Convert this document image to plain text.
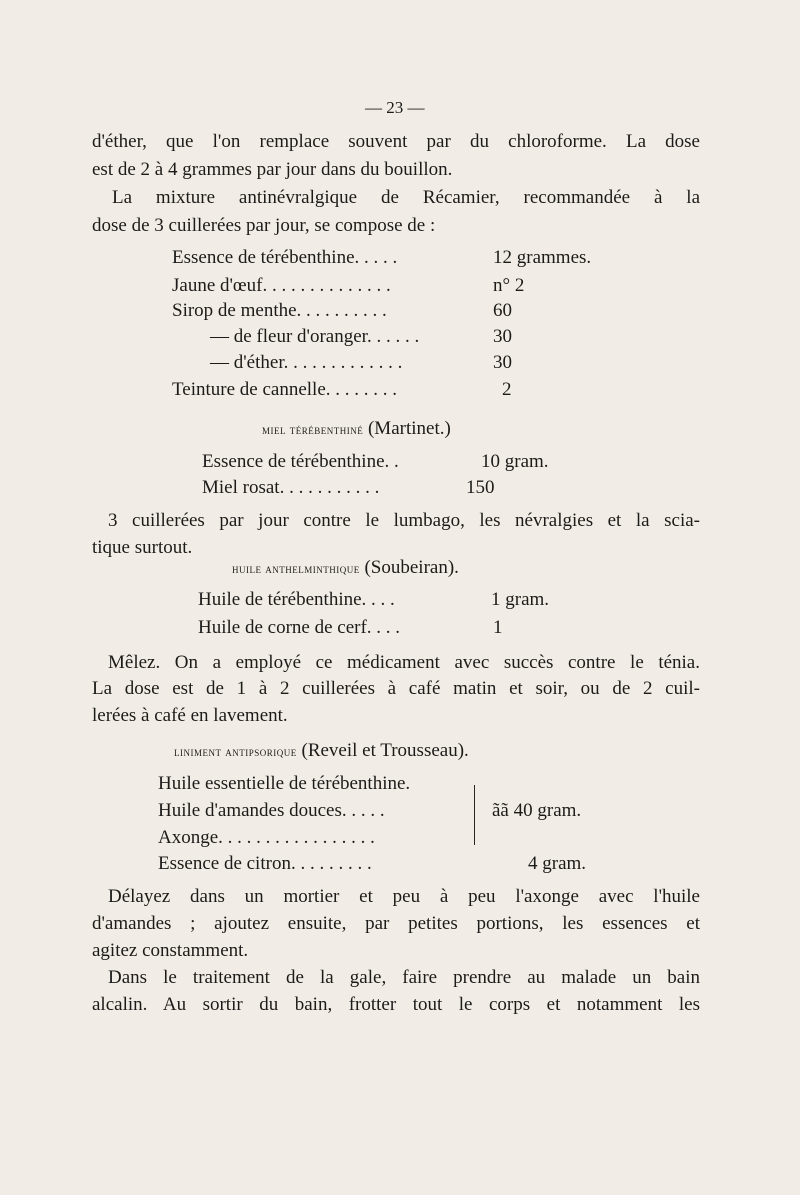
— 23 —
d'éther, que l'on remplace souvent par du chloroforme. La dose
est de 2 à 4 grammes par jour dans du bouillon.
La mixture antinévralgique de Récamier, recommandée à la
dose de 3 cuillerées par jour, se compose de :
Essence de térébenthine. . . . .	12 grammes.
Jaune d'œuf. . . . . . . . . . . . . .	n° 2
Sirop de menthe. . . . . . . . . .	60
— de fleur d'oranger. . . . . .	30
— d'éther. . . . . . . . . . . . .	30
Teinture de cannelle. . . . . . . .	2
miel térébenthiné (Martinet.)
Essence de térébenthine. .	10 gram.
Miel rosat. . . . . . . . . . .	150
3 cuillerées par jour contre le lumbago, les névralgies et la scia-
tique surtout.
huile anthelminthique (Soubeiran).
Huile de térébenthine. . . .	1 gram.
Huile de corne de cerf. . . .	1
Mêlez. On a employé ce médicament avec succès contre le ténia.
La dose est de 1 à 2 cuillerées à café matin et soir, ou de 2 cuil-
lerées à café en lavement.
liniment antipsorique (Reveil et Trousseau).
Huile essentielle de térébenthine.
Huile d'amandes douces. . . . .	ãã 40 gram.
Axonge. . . . . . . . . . . . . . . . .
Essence de citron. . . . . . . . .	4 gram.
Délayez dans un mortier et peu à peu l'axonge avec l'huile
d'amandes ; ajoutez ensuite, par petites portions, les essences et
agitez constamment.
Dans le traitement de la gale, faire prendre au malade un bain
alcalin. Au sortir du bain, frotter tout le corps et notamment les
